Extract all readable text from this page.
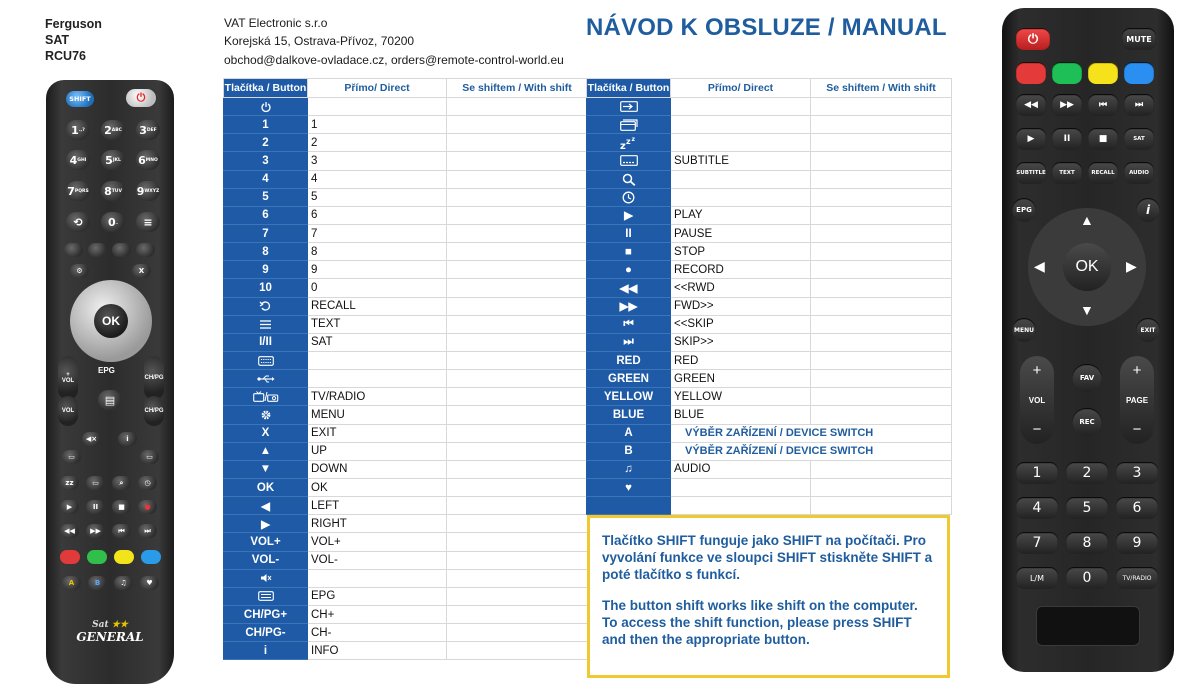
Ferguson
SAT
RCU76
SHIFT	⏻
1 .,? 2 ABC 3 DEF
4 GHI 5 JKL 6 MNO
7 PQRS 8 TUV 9 WXYZ
0 _
⟲	≡
⚙	X
OK
+
VOL	CH/PG
EPG
▤
VOL	CH/PG
◀×	i
▭	▭
zz	▭	⌕	◷
▶	II	■	●
◀◀	▶▶	⏮	⏭
A	B	♫	♥
Sat ★★
GENERAL
VAT Electronic s.r.o
Korejská 15, Ostrava-Přívoz, 70200
obchod@dalkove-ovladace.cz, orders@remote-control-world.eu
NÁVOD K OBSLUZE / MANUAL
Tlačítka / Button	Přímo/ Direct	Se shiftem / With shift

1	1	
2	2	
3	3	
4	4	
5	5	
6	6	
7	7	
8	8	
9	9	
10	0	
	RECALL	
	TEXT	
I/II	SAT	

	TV/RADIO	
	MENU	
X	EXIT	
▲	UP	
▼	DOWN	
OK	OK	
◀	LEFT	
▶	RIGHT	
VOL+	VOL+	
VOL-	VOL-	

	EPG	
CH/PG+	CH+	
CH/PG-	CH-	
i	INFO	
Tlačítka / Button	Přímo/ Direct	Se shiftem / With shift

z z z		

	SUBTITLE	

▶	PLAY	
II	PAUSE	
■	STOP	
●	RECORD	
◀◀	<<RWD	
▶▶	FWD>>	
⏮	<<SKIP	
⏭	SKIP>>	
RED	RED	
GREEN	GREEN	
YELLOW	YELLOW	
BLUE	BLUE	
A	VÝBĚR ZAŘÍZENÍ / DEVICE SWITCH	
B	VÝBĚR ZAŘÍZENÍ / DEVICE SWITCH	
♫	AUDIO	
♥		

Tlačítko SHIFT funguje jako SHIFT na počítači. Pro vyvolání funkce ve sloupci SHIFT stiskněte SHIFT a poté tlačítko s funkcí.

The button shift works like shift on the computer. To access the shift function, please press SHIFT and then the appropriate button.

⏻	MUTE
EPG	i
▲
▼
◀	▶
OK
MENU	EXIT
+
VOL
−
+
PAGE
−
FAV
REC
◀◀	▶▶	⏮	⏭
▶	II	■	SAT
SUBTITLE	TEXT	RECALL	AUDIO
1	2	3
4	5	6
7	8	9
L/M	0	TV/RADIO
